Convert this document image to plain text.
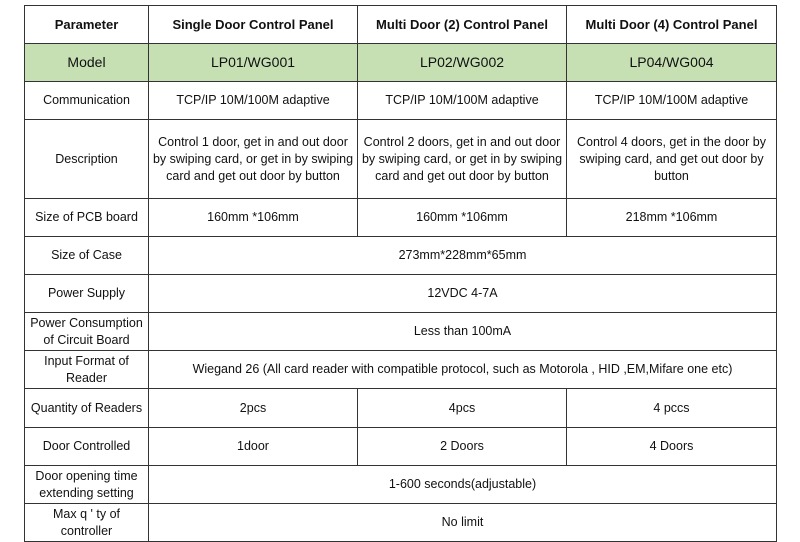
Parameter	Single Door Control Panel	Multi Door (2) Control Panel	Multi Door (4) Control Panel
Model	LP01/WG001	LP02/WG002	LP04/WG004
Communication	TCP/IP 10M/100M adaptive	TCP/IP 10M/100M adaptive	TCP/IP 10M/100M adaptive
Description	Control 1 door, get in and out door by swiping card, or get in by swiping card and get out door by button	Control 2 doors, get in and out door by swiping card, or get in by swiping card and get out door by button	Control 4 doors, get in the door by swiping card, and get out door by button
Size of PCB board	160mm *106mm	160mm *106mm	218mm *106mm
Size of Case	273mm*228mm*65mm		
Power Supply	12VDC 4-7A		
Power Consumption of Circuit Board	Less than 100mA		
Input Format of Reader	Wiegand 26 (All card reader with compatible protocol, such as Motorola , HID ,EM,Mifare one etc)		
Quantity of Readers	2pcs	4pcs	4 pccs
Door Controlled	1door	2 Doors	4 Doors
Door opening time extending setting	1-600 seconds(adjustable)		
Max q ' ty of controller	No limit		
